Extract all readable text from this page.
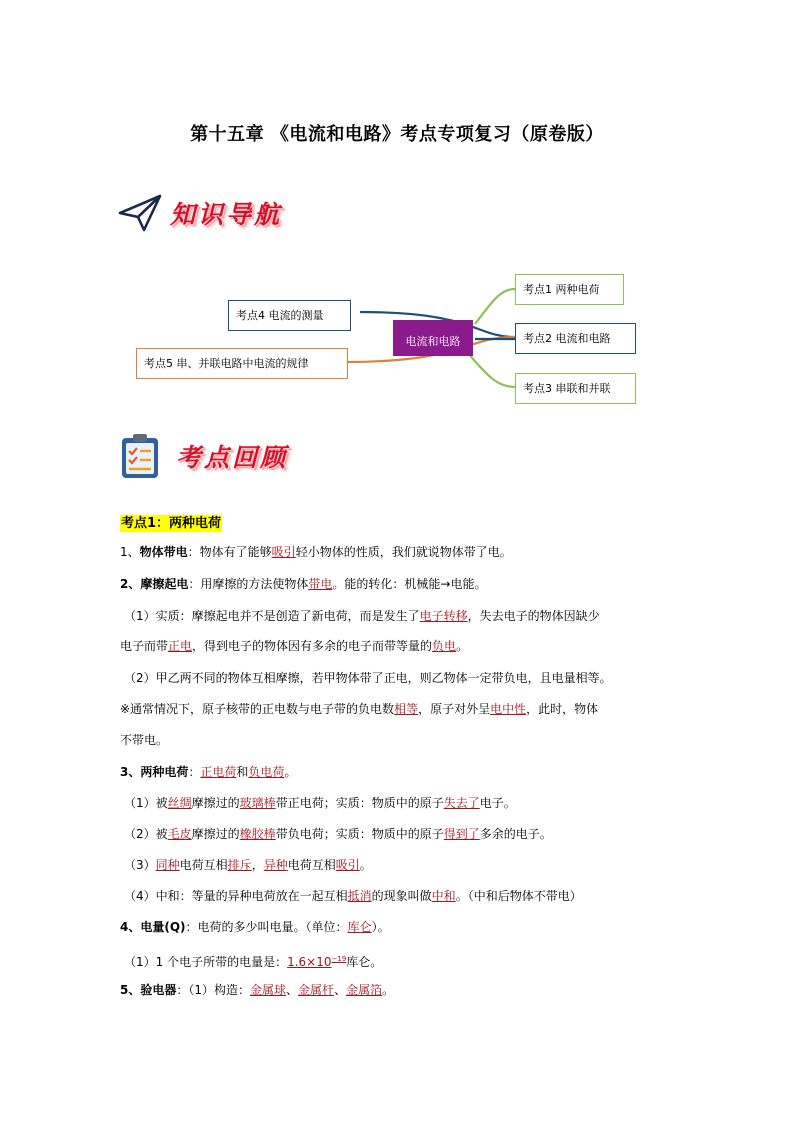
第十五章 《电流和电路》考点专项复习（原卷版）
知识导航
考点4 电流的测量
考点5 串、并联电路中电流的规律
电流和电路
考点1 两种电荷
考点2 电流和电路
考点3 串联和并联
考点回顾
考点1：两种电荷
1、物体带电：物体有了能够吸引轻小物体的性质，我们就说物体带了电。
2、摩擦起电：用摩擦的方法使物体带电。能的转化：机械能→电能。
（1）实质：摩擦起电并不是创造了新电荷，而是发生了电子转移，失去电子的物体因缺少
电子而带正电，得到电子的物体因有多余的电子而带等量的负电。
（2）甲乙两不同的物体互相摩擦，若甲物体带了正电，则乙物体一定带负电，且电量相等。
※通常情况下，原子核带的正电数与电子带的负电数相等，原子对外呈电中性，此时，物体
不带电。
3、两种电荷：正电荷和负电荷。
（1）被丝绸摩擦过的玻璃棒带正电荷；实质：物质中的原子失去了电子。
（2）被毛皮摩擦过的橡胶棒带负电荷；实质：物质中的原子得到了多余的电子。
（3）同种电荷互相排斥，异种电荷互相吸引。
（4）中和：等量的异种电荷放在一起互相抵消的现象叫做中和。（中和后物体不带电）
4、电量(Q)：电荷的多少叫电量。（单位：库仑）。
（1）1 个电子所带的电量是：$1.6\times 10^{-19}$库仑。
5、验电器：（1）构造：金属球、金属杆、金属箔。
